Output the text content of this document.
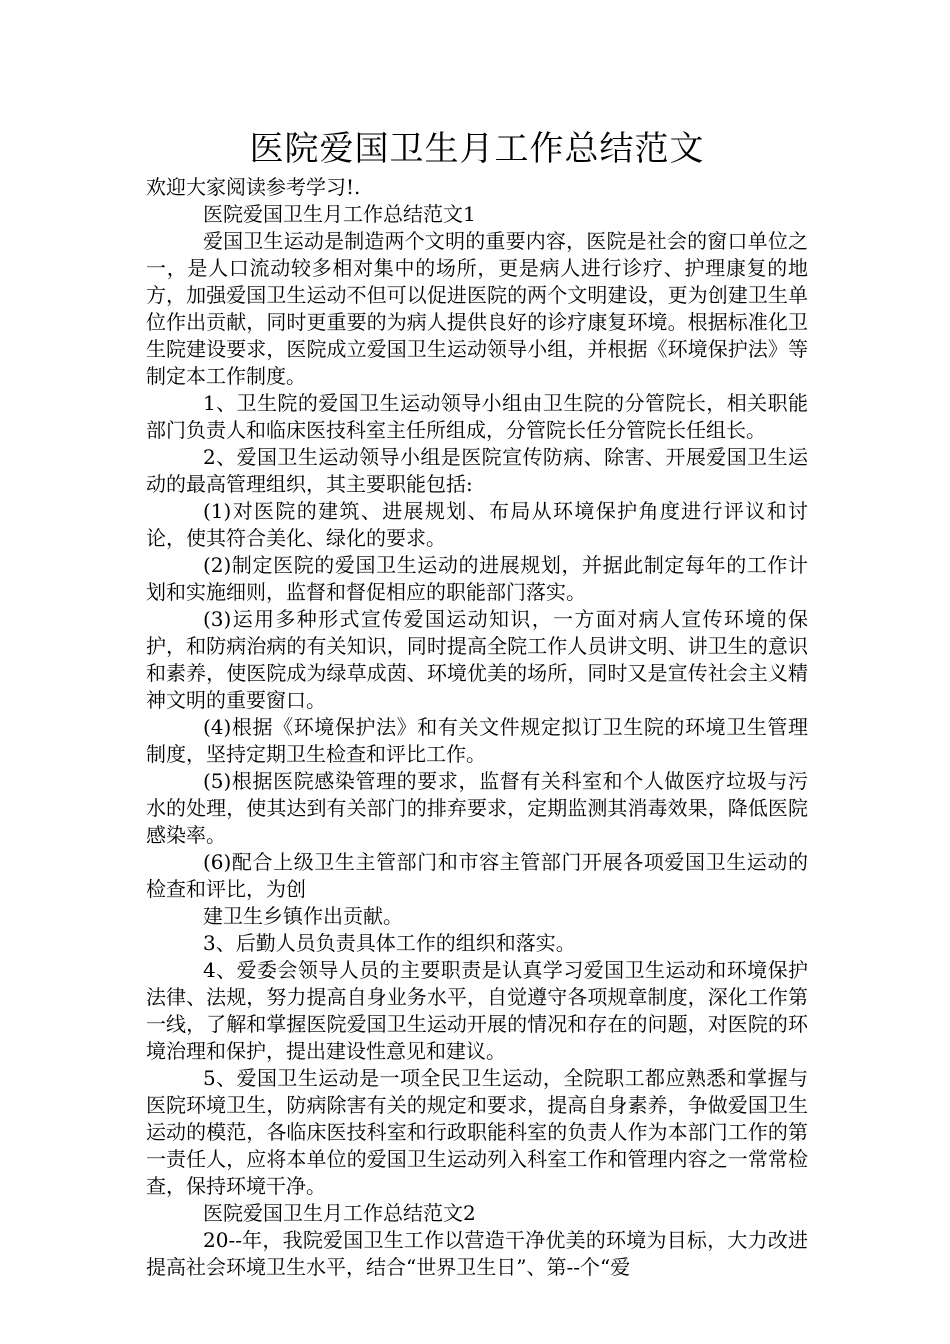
医院爱国卫生月工作总结范文

欢迎大家阅读参考学习!.

医院爱国卫生月工作总结范文1

爱国卫生运动是制造两个文明的重要内容，医院是社会的窗口单位之一，是人口流动较多相对集中的场所，更是病人进行诊疗、护理康复的地方，加强爱国卫生运动不但可以促进医院的两个文明建设，更为创建卫生单位作出贡献，同时更重要的为病人提供良好的诊疗康复环境。根据标准化卫生院建设要求，医院成立爱国卫生运动领导小组，并根据《环境保护法》等制定本工作制度。

1、卫生院的爱国卫生运动领导小组由卫生院的分管院长，相关职能部门负责人和临床医技科室主任所组成，分管院长任分管院长任组长。

2、爱国卫生运动领导小组是医院宣传防病、除害、开展爱国卫生运动的最高管理组织，其主要职能包括:

(1)对医院的建筑、进展规划、布局从环境保护角度进行评议和讨论，使其符合美化、绿化的要求。

(2)制定医院的爱国卫生运动的进展规划，并据此制定每年的工作计划和实施细则，监督和督促相应的职能部门落实。

(3)运用多种形式宣传爱国运动知识，一方面对病人宣传环境的保护，和防病治病的有关知识，同时提高全院工作人员讲文明、讲卫生的意识和素养，使医院成为绿草成茵、环境优美的场所，同时又是宣传社会主义精神文明的重要窗口。

(4)根据《环境保护法》和有关文件规定拟订卫生院的环境卫生管理制度，坚持定期卫生检查和评比工作。

(5)根据医院感染管理的要求，监督有关科室和个人做医疗垃圾与污水的处理，使其达到有关部门的排弃要求，定期监测其消毒效果，降低医院感染率。

(6)配合上级卫生主管部门和市容主管部门开展各项爱国卫生运动的检查和评比，为创

建卫生乡镇作出贡献。

3、后勤人员负责具体工作的组织和落实。

4、爱委会领导人员的主要职责是认真学习爱国卫生运动和环境保护法律、法规，努力提高自身业务水平，自觉遵守各项规章制度，深化工作第一线，了解和掌握医院爱国卫生运动开展的情况和存在的问题，对医院的环境治理和保护，提出建设性意见和建议。

5、爱国卫生运动是一项全民卫生运动，全院职工都应熟悉和掌握与医院环境卫生，防病除害有关的规定和要求，提高自身素养，争做爱国卫生运动的模范，各临床医技科室和行政职能科室的负责人作为本部门工作的第一责任人，应将本单位的爱国卫生运动列入科室工作和管理内容之一常常检查，保持环境干净。

医院爱国卫生月工作总结范文2

20--年，我院爱国卫生工作以营造干净优美的环境为目标，大力改进提高社会环境卫生水平，结合“世界卫生日”、第--个“爱
